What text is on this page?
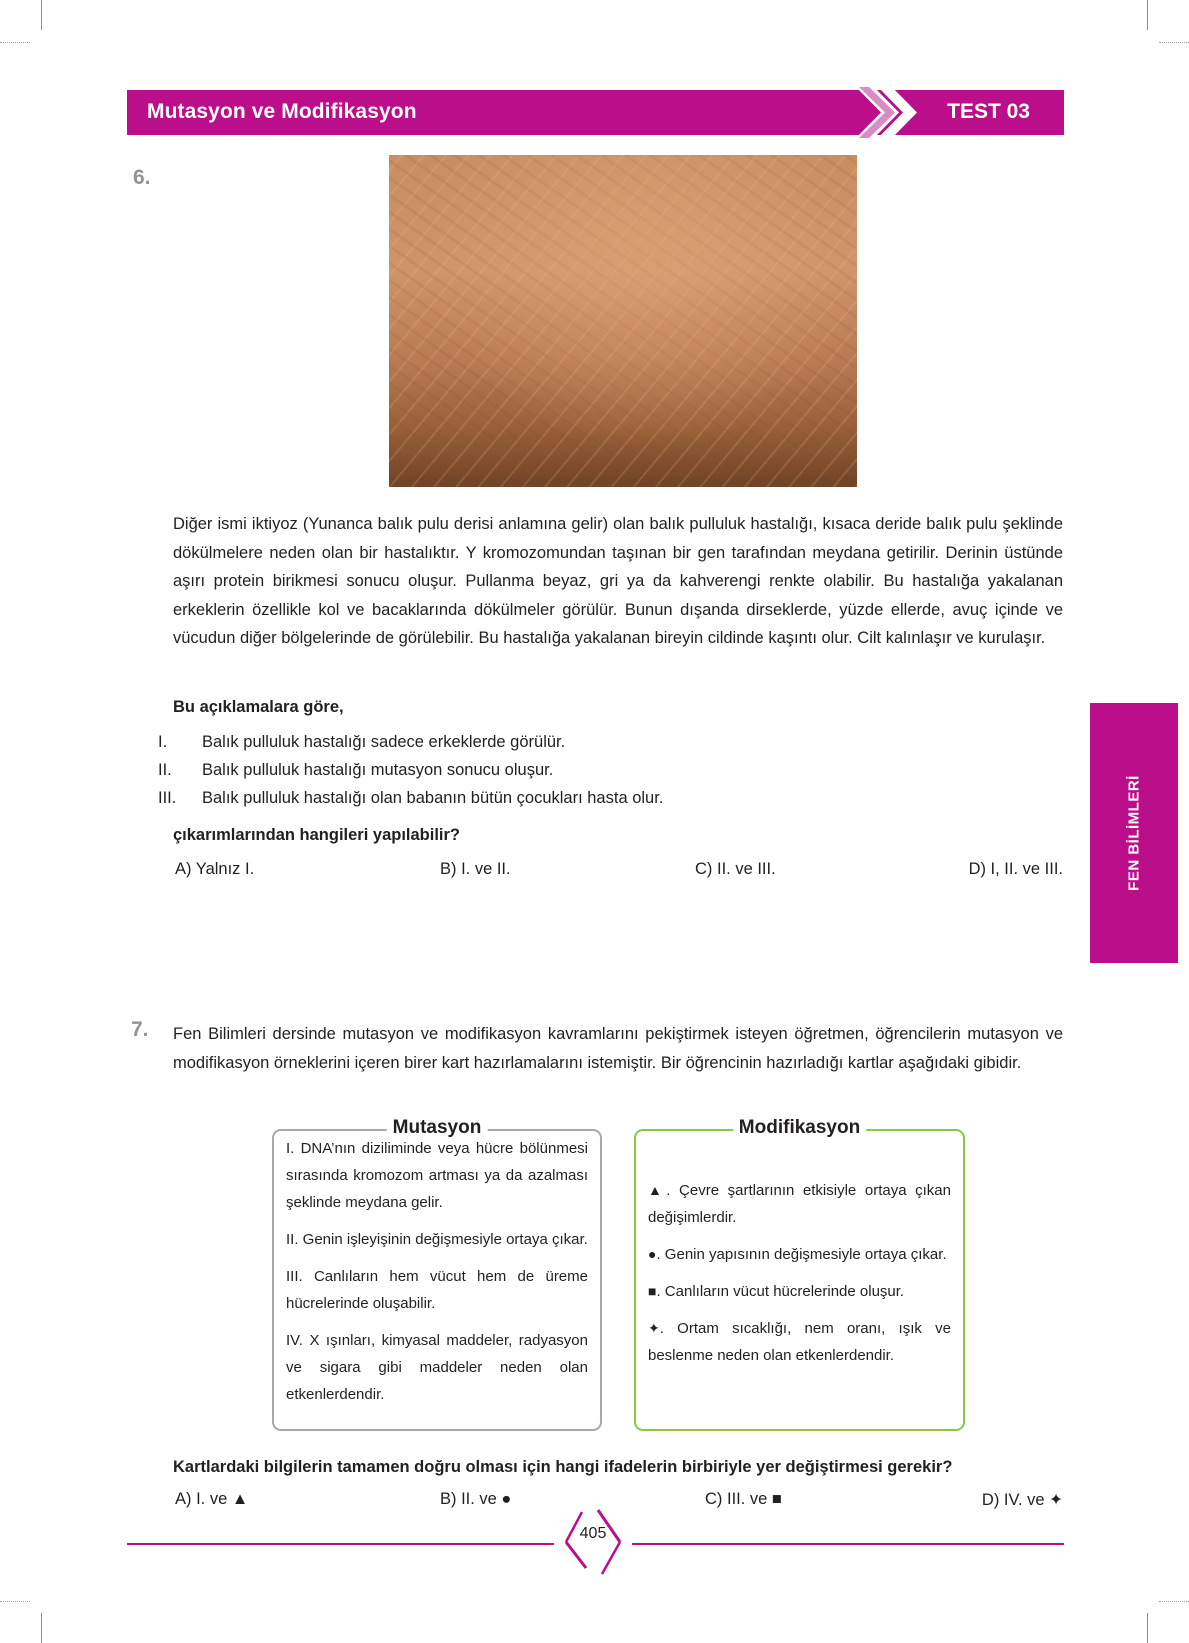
Mutasyon ve Modifikasyon	TEST 03
6.
Diğer ismi iktiyoz (Yunanca balık pulu derisi anlamına gelir) olan balık pulluluk hastalığı, kısaca deride balık pulu şeklinde dökülmelere neden olan bir hastalıktır. Y kromozomundan taşınan bir gen tarafından meydana getirilir. Derinin üstünde aşırı protein birikmesi sonucu oluşur. Pullanma beyaz, gri ya da kahverengi renkte olabilir. Bu hastalığa yakalanan erkeklerin özellikle kol ve bacaklarında dökülmeler görülür. Bunun dışanda dirseklerde, yüzde ellerde, avuç içinde ve vücudun diğer bölgelerinde de görülebilir. Bu hastalığa yakalanan bireyin cildinde kaşıntı olur. Cilt kalınlaşır ve kurulaşır.
Bu açıklamalara göre,
I. Balık pulluluk hastalığı sadece erkeklerde görülür.
II. Balık pulluluk hastalığı mutasyon sonucu oluşur.
III. Balık pulluluk hastalığı olan babanın bütün çocukları hasta olur.
çıkarımlarından hangileri yapılabilir?
A) Yalnız I.	B) I. ve II.	C) II. ve III.	D) I, II. ve III.	FEN BİLİMLERİ
7. Fen Bilimleri dersinde mutasyon ve modifikasyon kavramlarını pekiştirmek isteyen öğretmen, öğrencilerin mutasyon ve modifikasyon örneklerini içeren birer kart hazırlamalarını istemiştir. Bir öğrencinin hazırladığı kartlar aşağıdaki gibidir.
Mutasyon
I. DNA’nın diziliminde veya hücre bölünmesi sırasında kromozom artması ya da azalması şeklinde meydana gelir.
II. Genin işleyişinin değişmesiyle ortaya çıkar.
III. Canlıların hem vücut hem de üreme hücrelerinde oluşabilir.
IV. X ışınları, kimyasal maddeler, radyasyon ve sigara gibi maddeler neden olan etkenlerdendir.
Modifikasyon
▲. Çevre şartlarının etkisiyle ortaya çıkan değişimlerdir.
●. Genin yapısının değişmesiyle ortaya çıkar.
■. Canlıların vücut hücrelerinde oluşur.
✦. Ortam sıcaklığı, nem oranı, ışık ve beslenme neden olan etkenlerdendir.
Kartlardaki bilgilerin tamamen doğru olması için hangi ifadelerin birbiriyle yer değiştirmesi gerekir?
A) I. ve ▲	B) II. ve ●	C) III. ve ■	D) IV. ve ✦
405
